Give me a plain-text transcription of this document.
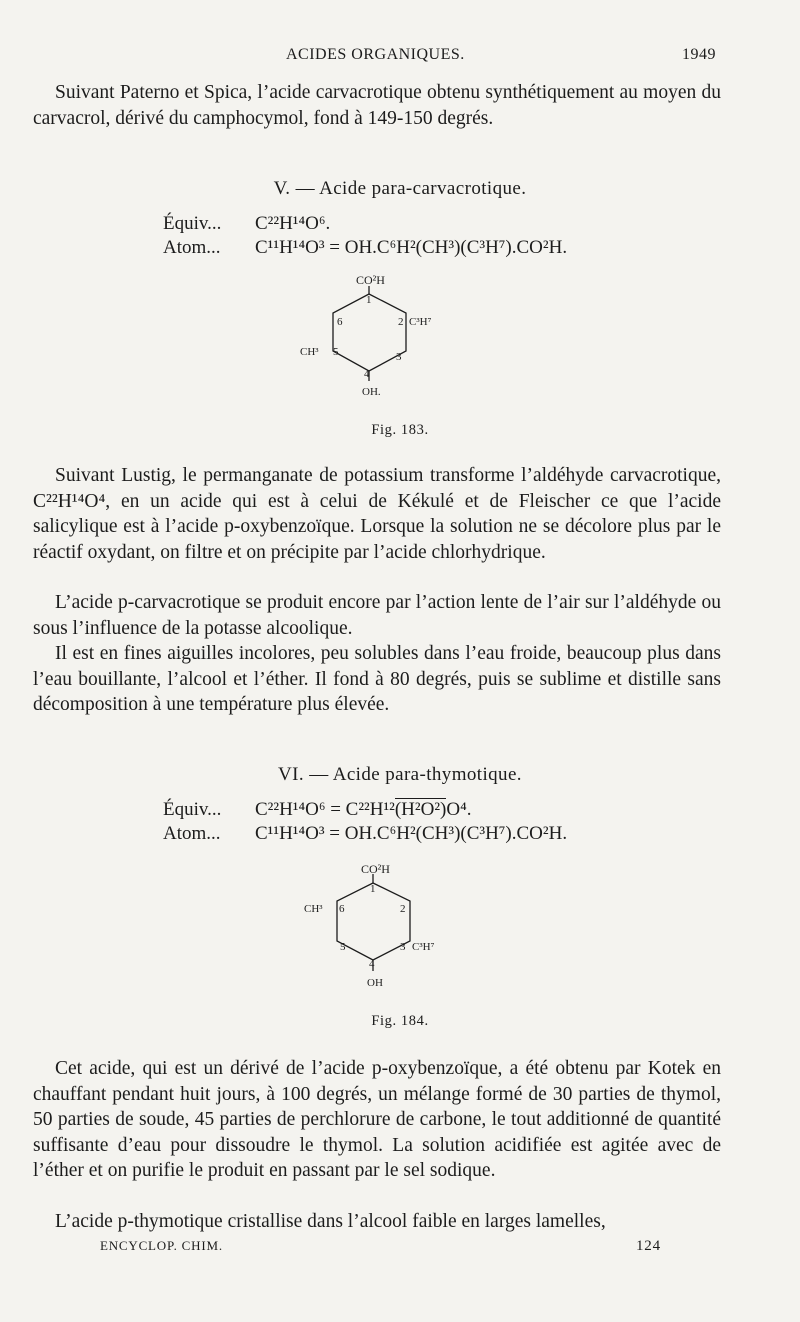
ACIDES ORGANIQUES.	1949

Suivant Paterno et Spica, l’acide carvacrotique obtenu synthétiquement au moyen du carvacrol, dérivé du camphocymol, fond à 149-150 degrés.

V. — Acide para-carvacrotique.
Équiv... C²²H¹⁴O⁶.
Atom... C¹¹H¹⁴O³ = OH.C⁶H²(CH³)(C³H⁷).CO²H.
CO²H
1
2 C³H⁷
3
4
OH.
5
CH³
6
Fig. 183.

Suivant Lustig, le permanganate de potassium transforme l’aldéhyde carvacrotique, C²²H¹⁴O⁴, en un acide qui est à celui de Kékulé et de Fleischer ce que l’acide salicylique est à l’acide p-oxybenzoïque. Lorsque la solution ne se décolore plus par le réactif oxydant, on filtre et on précipite par l’acide chlorhydrique.

L’acide p-carvacrotique se produit encore par l’action lente de l’air sur l’aldéhyde ou sous l’influence de la potasse alcoolique.

Il est en fines aiguilles incolores, peu solubles dans l’eau froide, beaucoup plus dans l’eau bouillante, l’alcool et l’éther. Il fond à 80 degrés, puis se sublime et distille sans décomposition à une température plus élevée.

VI. — Acide para-thymotique.
Équiv... C²²H¹⁴O⁶ = C²²H¹²(H²O²)O⁴.
Atom... C¹¹H¹⁴O³ = OH.C⁶H²(CH³)(C³H⁷).CO²H.
CO²H
1
2
3 C³H⁷
4
OH
5
6
CH³
Fig. 184.

Cet acide, qui est un dérivé de l’acide p-oxybenzoïque, a été obtenu par Kotek en chauffant pendant huit jours, à 100 degrés, un mélange formé de 30 parties de thymol, 50 parties de soude, 45 parties de perchlorure de carbone, le tout additionné de quantité suffisante d’eau pour dissoudre le thymol. La solution acidifiée est agitée avec de l’éther et on purifie le produit en passant par le sel sodique.

L’acide p-thymotique cristallise dans l’alcool faible en larges lamelles,

ENCYCLOP. CHIM.	124
